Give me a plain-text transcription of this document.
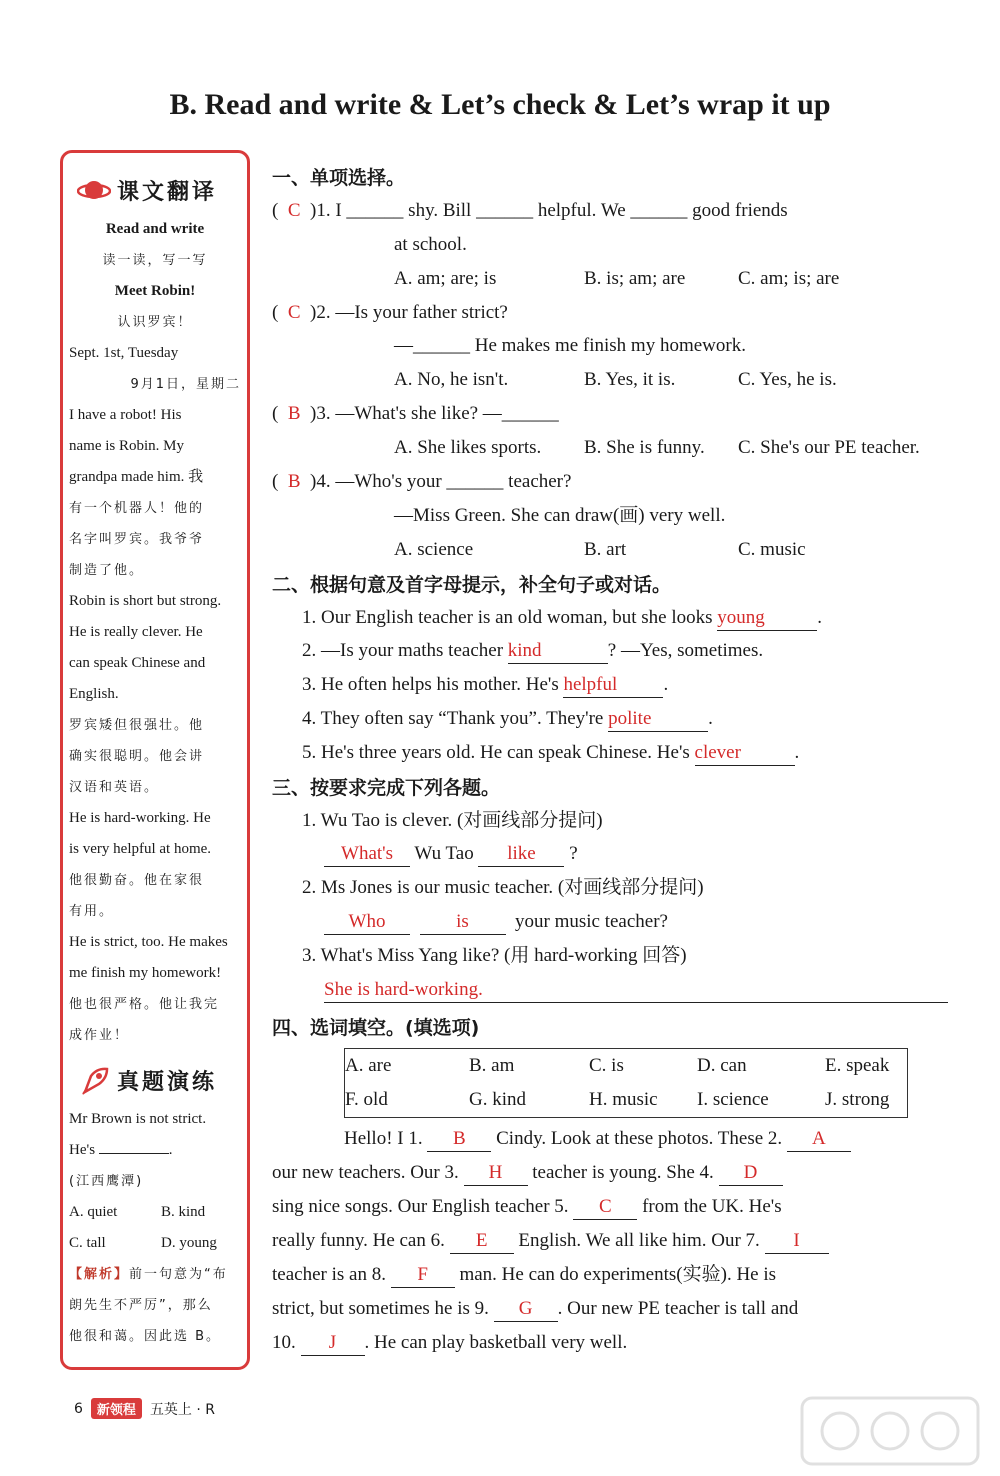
B. Read and write & Let’s check & Let’s wrap it up
课文翻译
Read and write
读一读，写一写
Meet Robin!
认识罗宾！
Sept. 1st, Tuesday
9月1日，星期二
I have a robot! His
name is Robin. My
grandpa made him. 我
有一个机器人！他的
名字叫罗宾。我爷爷
制造了他。
Robin is short but strong.
He is really clever. He
can speak Chinese and
English.
罗宾矮但很强壮。他
确实很聪明。他会讲
汉语和英语。
He is hard-working. He
is very helpful at home.
他很勤奋。他在家很
有用。
He is strict, too. He makes
me finish my homework!
他也很严格。他让我完
成作业！
真题演练
Mr Brown is not strict.
He's	.
(江西鹰潭)
A. quiet	B. kind
C. tall	D. young
【解析】前一句意为“布
朗先生不严厉”，那么
他很和蔼。因此选 B。
一、单项选择。
(  C )1. I ______ shy. Bill ______ helpful. We ______ good friends
at school.
A. am; are; is	B. is; am; are	C. am; is; are
(  C )2. —Is your father strict?
—______ He makes me finish my homework.
A. No, he isn't.	B. Yes, it is.	C. Yes, he is.
(  B )3. —What's she like? —______
A. She likes sports. B. She is funny. C. She's our PE teacher.
(  B )4. —Who's your ______ teacher?
—Miss Green. She can draw(画) very well.
A. science	B. art	C. music
二、根据句意及首字母提示，补全句子或对话。
1. Our English teacher is an old woman, but she looks young	.
2. —Is your maths teacher kind	? —Yes, sometimes.
3. He often helps his mother. He's helpful .
4. They often say “Thank you”. They're polite	.
5. He's three years old. He can speak Chinese. He's clever	.
三、按要求完成下列各题。
1. Wu Tao is clever. (对画线部分提问)
What's Wu Tao like ?
2. Ms Jones is our music teacher. (对画线部分提问)
Who	is your music teacher?
3. What's Miss Yang like? (用 hard-working 回答)
She is hard-working.
四、选词填空。(填选项)
A. are	B. am	C. is	D. can	E. speak
F. old	G. kind	H. music	I. science	J. strong
Hello! I 1. B Cindy. Look at these photos. These 2. A
our new teachers. Our 3. H teacher is young. She 4. D
sing nice songs. Our English teacher 5. C from the UK. He's
really funny. He can 6. E English. We all like him. Our 7. I
teacher is an 8. F man. He can do experiments(实验). He is
strict, but sometimes he is 9. G . Our new PE teacher is tall and
10. J . He can play basketball very well.
6	新领程	五英上 · R
